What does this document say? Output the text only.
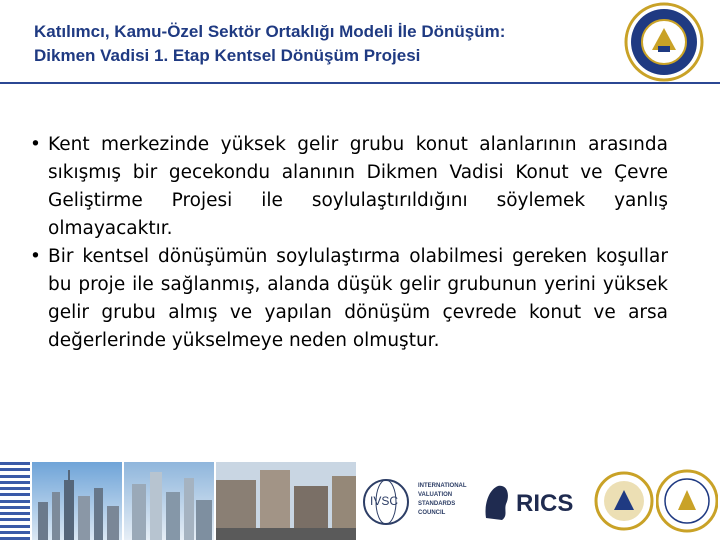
Katılımcı, Kamu-Özel Sektör Ortaklığı Modeli İle Dönüşüm:
Dikmen Vadisi 1. Etap Kentsel Dönüşüm Projesi
• Kent merkezinde yüksek gelir grubu konut alanlarının arasında sıkışmış bir gecekondu alanının Dikmen Vadisi Konut ve Çevre Geliştirme Projesi ile soylulaştırıldığını söylemek yanlış olmayacaktır.
• Bir kentsel dönüşümün soylulaştırma olabilmesi gereken koşullar bu proje ile sağlanmış, alanda düşük gelir grubunun yerini yüksek gelir grubu almış ve yapılan dönüşüm çevrede konut ve arsa değerlerinde yükselmeye neden olmuştur.
IVSC
INTERNATIONAL
VALUATION
STANDARDS
COUNCIL	RICS
